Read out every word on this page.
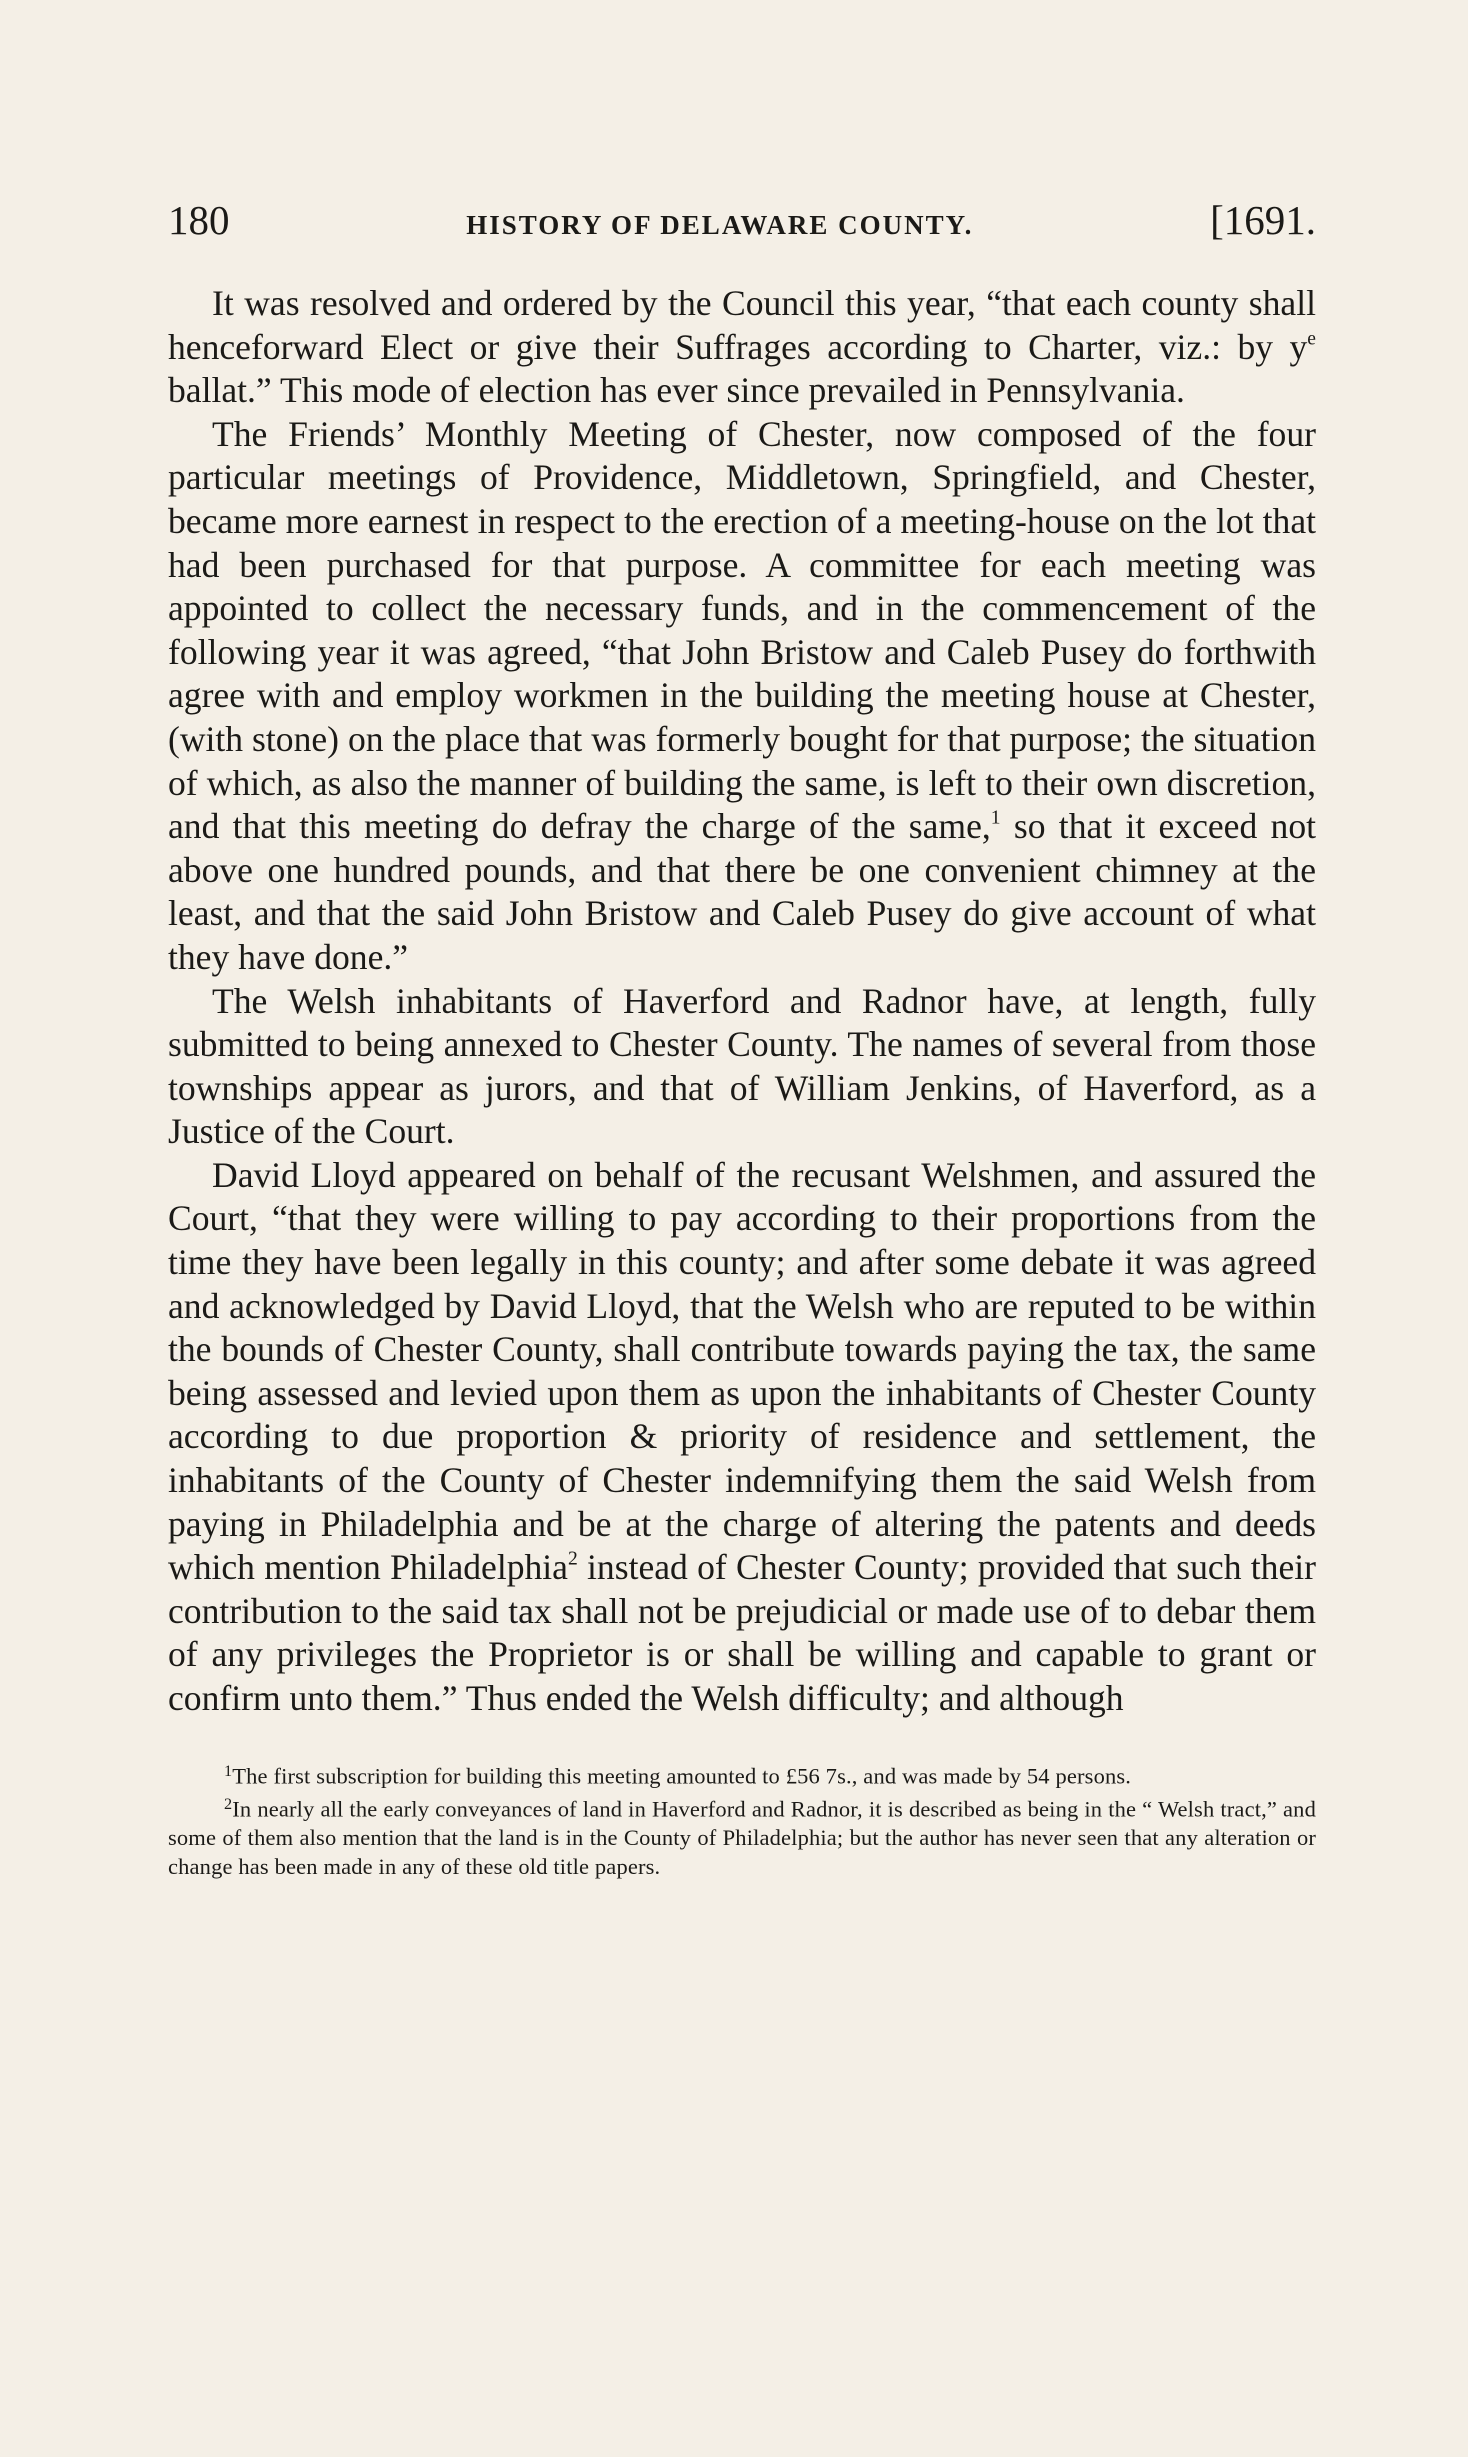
180	HISTORY OF DELAWARE COUNTY.	[1691.

It was resolved and ordered by the Council this year, “that each county shall henceforward Elect or give their Suffrages according to Charter, viz.: by $y^e$ ballat.” This mode of election has ever since prevailed in Pennsylvania.

The Friends’ Monthly Meeting of Chester, now composed of the four particular meetings of Providence, Middletown, Springfield, and Chester, became more earnest in respect to the erection of a meeting-house on the lot that had been purchased for that purpose. A committee for each meeting was appointed to collect the necessary funds, and in the commencement of the following year it was agreed, “that John Bristow and Caleb Pusey do forthwith agree with and employ workmen in the building the meeting house at Chester, (with stone) on the place that was formerly bought for that purpose; the situation of which, as also the manner of building the same, is left to their own discretion, and that this meeting do defray the charge of the same,$^1$ so that it exceed not above one hundred pounds, and that there be one convenient chimney at the least, and that the said John Bristow and Caleb Pusey do give account of what they have done.”

The Welsh inhabitants of Haverford and Radnor have, at length, fully submitted to being annexed to Chester County. The names of several from those townships appear as jurors, and that of William Jenkins, of Haverford, as a Justice of the Court.

David Lloyd appeared on behalf of the recusant Welshmen, and assured the Court, “that they were willing to pay according to their proportions from the time they have been legally in this county; and after some debate it was agreed and acknowledged by David Lloyd, that the Welsh who are reputed to be within the bounds of Chester County, shall contribute towards paying the tax, the same being assessed and levied upon them as upon the inhabitants of Chester County according to due proportion & priority of residence and settlement, the inhabitants of the County of Chester indemnifying them the said Welsh from paying in Philadelphia and be at the charge of altering the patents and deeds which mention Philadelphia$^2$ instead of Chester County; provided that such their contribution to the said tax shall not be prejudicial or made use of to debar them of any privileges the Proprietor is or shall be willing and capable to grant or confirm unto them.” Thus ended the Welsh difficulty; and although

1The first subscription for building this meeting amounted to £56 7s., and was made by 54 persons.

2In nearly all the early conveyances of land in Haverford and Radnor, it is described as being in the “ Welsh tract,” and some of them also mention that the land is in the County of Philadelphia; but the author has never seen that any alteration or change has been made in any of these old title papers.
